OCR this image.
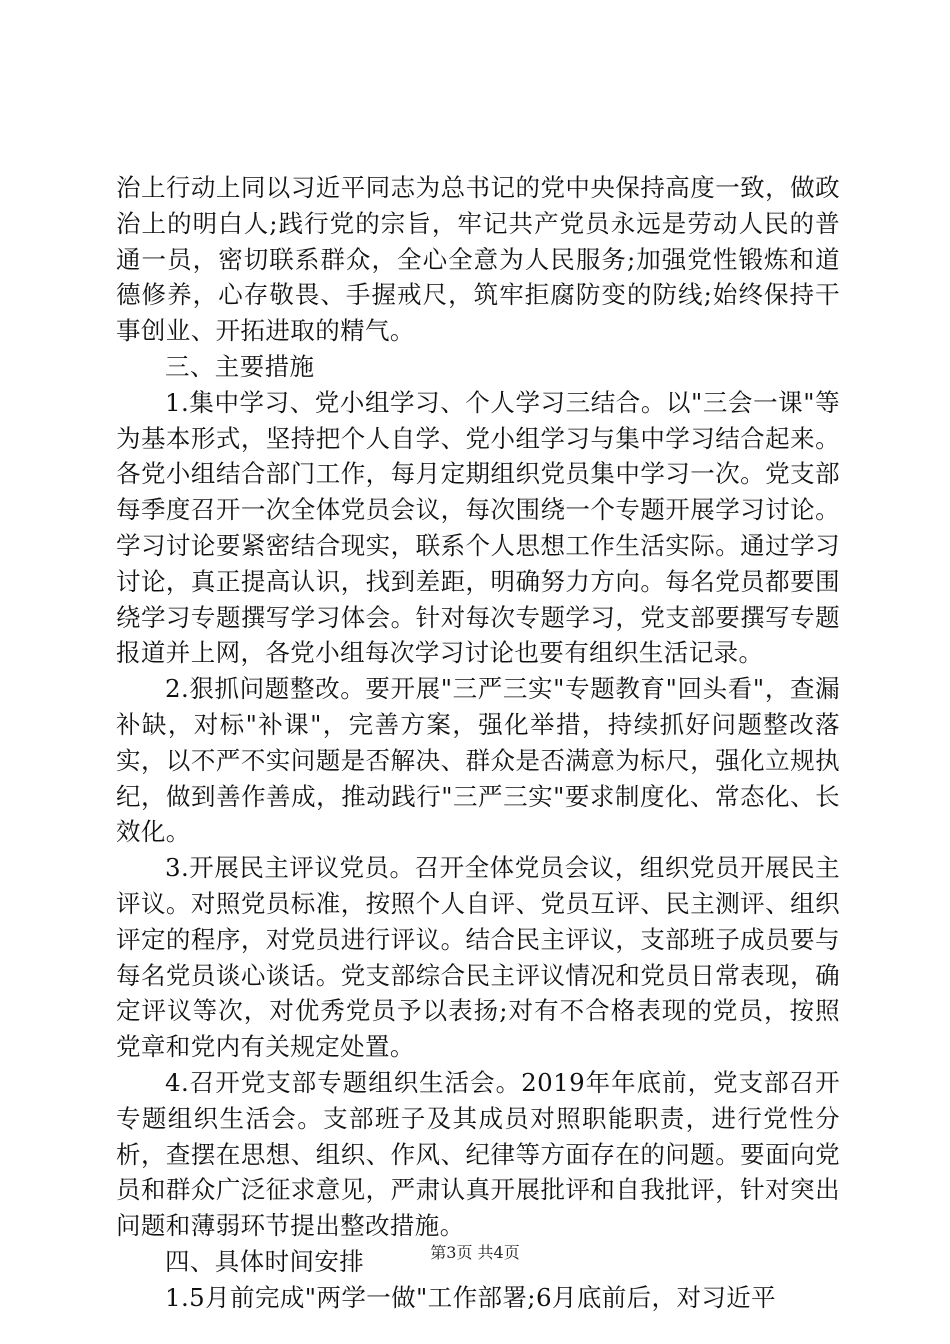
治上行动上同以习近平同志为总书记的党中央保持高度一致，做政治上的明白人;践行党的宗旨，牢记共产党员永远是劳动人民的普通一员，密切联系群众，全心全意为人民服务;加强党性锻炼和道德修养，心存敬畏、手握戒尺，筑牢拒腐防变的防线;始终保持干事创业、开拓进取的精气。

三、主要措施

1.集中学习、党小组学习、个人学习三结合。以"三会一课"等为基本形式，坚持把个人自学、党小组学习与集中学习结合起来。各党小组结合部门工作，每月定期组织党员集中学习一次。党支部每季度召开一次全体党员会议，每次围绕一个专题开展学习讨论。学习讨论要紧密结合现实，联系个人思想工作生活实际。通过学习讨论，真正提高认识，找到差距，明确努力方向。每名党员都要围绕学习专题撰写学习体会。针对每次专题学习，党支部要撰写专题报道并上网，各党小组每次学习讨论也要有组织生活记录。

2.狠抓问题整改。要开展"三严三实"专题教育"回头看"，查漏补缺，对标"补课"，完善方案，强化举措，持续抓好问题整改落实，以不严不实问题是否解决、群众是否满意为标尺，强化立规执纪，做到善作善成，推动践行"三严三实"要求制度化、常态化、长效化。

3.开展民主评议党员。召开全体党员会议，组织党员开展民主评议。对照党员标准，按照个人自评、党员互评、民主测评、组织评定的程序，对党员进行评议。结合民主评议，支部班子成员要与每名党员谈心谈话。党支部综合民主评议情况和党员日常表现，确定评议等次，对优秀党员予以表扬;对有不合格表现的党员，按照党章和党内有关规定处置。

4.召开党支部专题组织生活会。2019年年底前，党支部召开专题组织生活会。支部班子及其成员对照职能职责，进行党性分析，查摆在思想、组织、作风、纪律等方面存在的问题。要面向党员和群众广泛征求意见，严肃认真开展批评和自我批评，针对突出问题和薄弱环节提出整改措施。

四、具体时间安排

1.5月前完成"两学一做"工作部署;6月底前后，对习近平

第3页 共4页
